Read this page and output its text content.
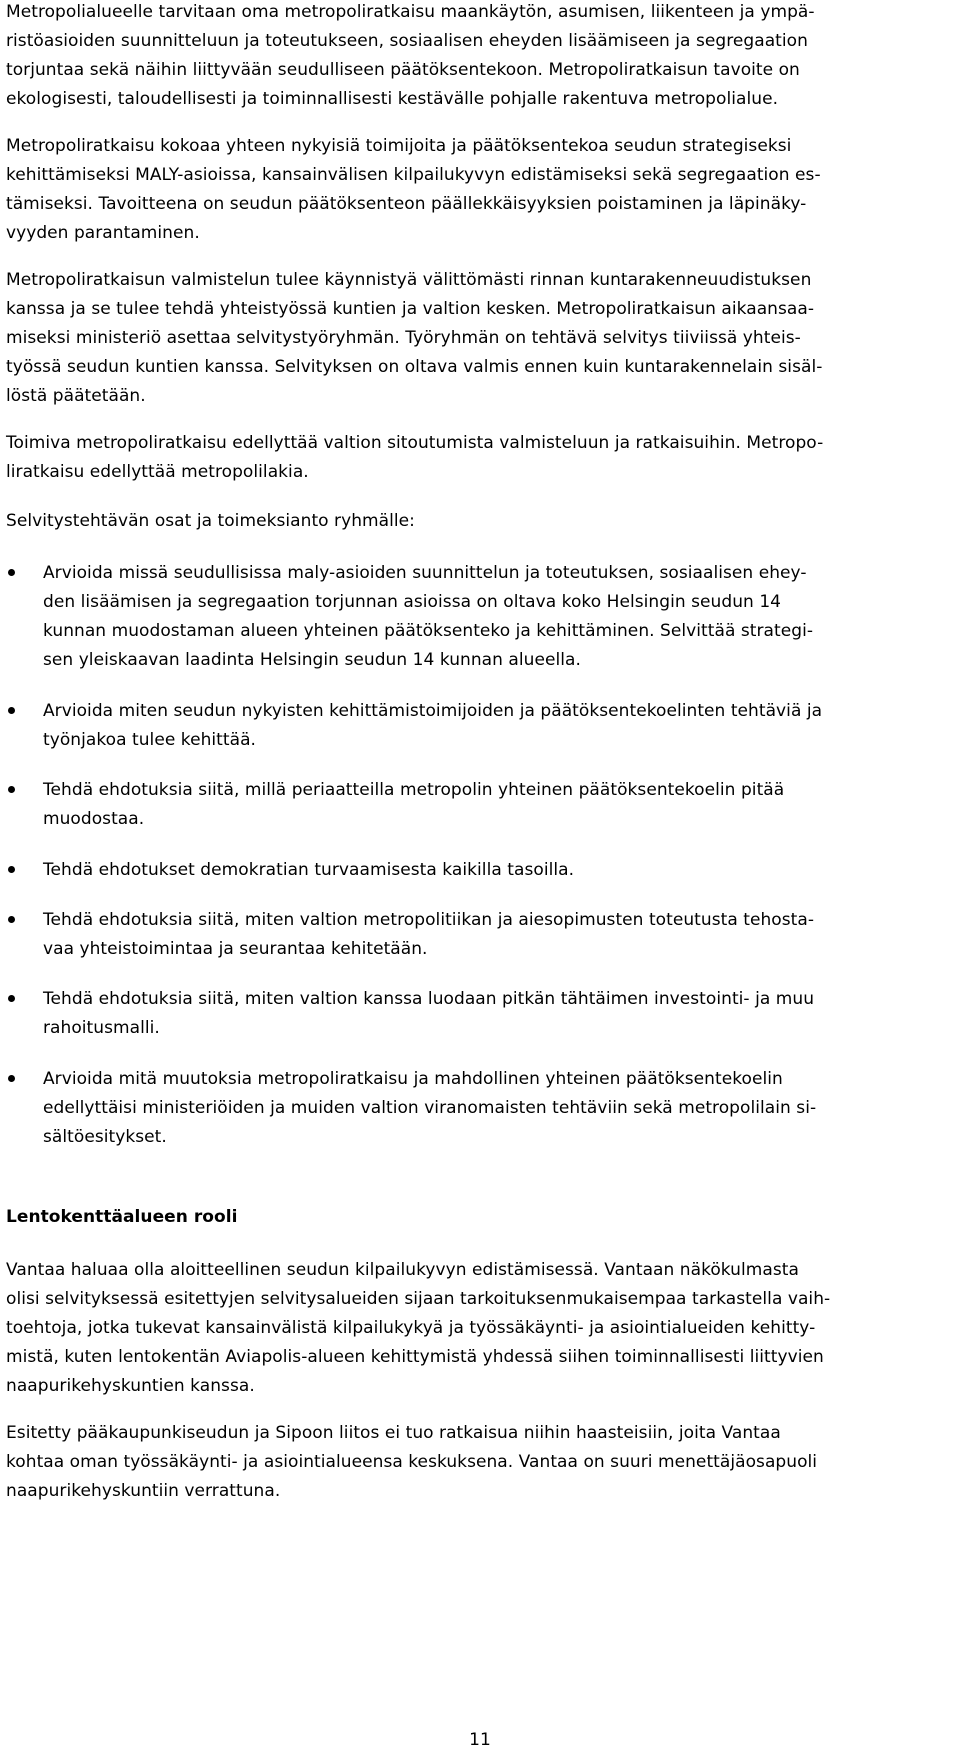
Metropolialueelle tarvitaan oma metropoliratkaisu maankäytön, asumisen, liikenteen ja ympä-
ristöasioiden suunnitteluun ja toteutukseen, sosiaalisen eheyden lisäämiseen ja segregaation
torjuntaa sekä näihin liittyvään seudulliseen päätöksentekoon. Metropoliratkaisun tavoite on
ekologisesti, taloudellisesti ja toiminnallisesti kestävälle pohjalle rakentuva metropolialue.
Metropoliratkaisu kokoaa yhteen nykyisiä toimijoita ja päätöksentekoa seudun strategiseksi
kehittämiseksi MALY-asioissa, kansainvälisen kilpailukyvyn edistämiseksi sekä segregaation es-
tämiseksi. Tavoitteena on seudun päätöksenteon päällekkäisyyksien poistaminen ja läpinäky-
vyyden parantaminen.
Metropoliratkaisun valmistelun tulee käynnistyä välittömästi rinnan kuntarakenneuudistuksen
kanssa ja se tulee tehdä yhteistyössä kuntien ja valtion kesken. Metropoliratkaisun aikaansaa-
miseksi ministeriö asettaa selvitystyöryhmän. Työryhmän on tehtävä selvitys tiiviissä yhteis-
työssä seudun kuntien kanssa. Selvityksen on oltava valmis ennen kuin kuntarakennelain sisäl-
löstä päätetään.
Toimiva metropoliratkaisu edellyttää valtion sitoutumista valmisteluun ja ratkaisuihin. Metropo-
liratkaisu edellyttää metropolilakia.
Selvitystehtävän osat ja toimeksianto ryhmälle:
Arvioida missä seudullisissa maly-asioiden suunnittelun ja toteutuksen, sosiaalisen ehey-
den lisäämisen ja segregaation torjunnan asioissa on oltava koko Helsingin seudun 14
kunnan muodostaman alueen yhteinen päätöksenteko ja kehittäminen. Selvittää strategi-
sen yleiskaavan laadinta Helsingin seudun 14 kunnan alueella.
Arvioida miten seudun nykyisten kehittämistoimijoiden ja päätöksentekoelinten tehtäviä ja
työnjakoa tulee kehittää.
Tehdä ehdotuksia siitä, millä periaatteilla metropolin yhteinen päätöksentekoelin pitää
muodostaa.
Tehdä ehdotukset demokratian turvaamisesta kaikilla tasoilla.
Tehdä ehdotuksia siitä, miten valtion metropolitiikan ja aiesopimusten toteutusta tehosta-
vaa yhteistoimintaa ja seurantaa kehitetään.
Tehdä ehdotuksia siitä, miten valtion kanssa luodaan pitkän tähtäimen investointi- ja muu
rahoitusmalli.
Arvioida mitä muutoksia metropoliratkaisu ja mahdollinen yhteinen päätöksentekoelin
edellyttäisi ministeriöiden ja muiden valtion viranomaisten tehtäviin sekä metropolilain si-
sältöesitykset.
Lentokenttäalueen rooli
Vantaa haluaa olla aloitteellinen seudun kilpailukyvyn edistämisessä. Vantaan näkökulmasta
olisi selvityksessä esitettyjen selvitysalueiden sijaan tarkoituksenmukaisempaa tarkastella vaih-
toehtoja, jotka tukevat kansainvälistä kilpailukykyä ja työssäkäynti- ja asiointialueiden kehitty-
mistä, kuten lentokentän Aviapolis-alueen kehittymistä yhdessä siihen toiminnallisesti liittyvien
naapurikehyskuntien kanssa.
Esitetty pääkaupunkiseudun ja Sipoon liitos ei tuo ratkaisua niihin haasteisiin, joita Vantaa
kohtaa oman työssäkäynti- ja asiointialueensa keskuksena. Vantaa on suuri menettäjäosapuoli
naapurikehyskuntiin verrattuna.
11
